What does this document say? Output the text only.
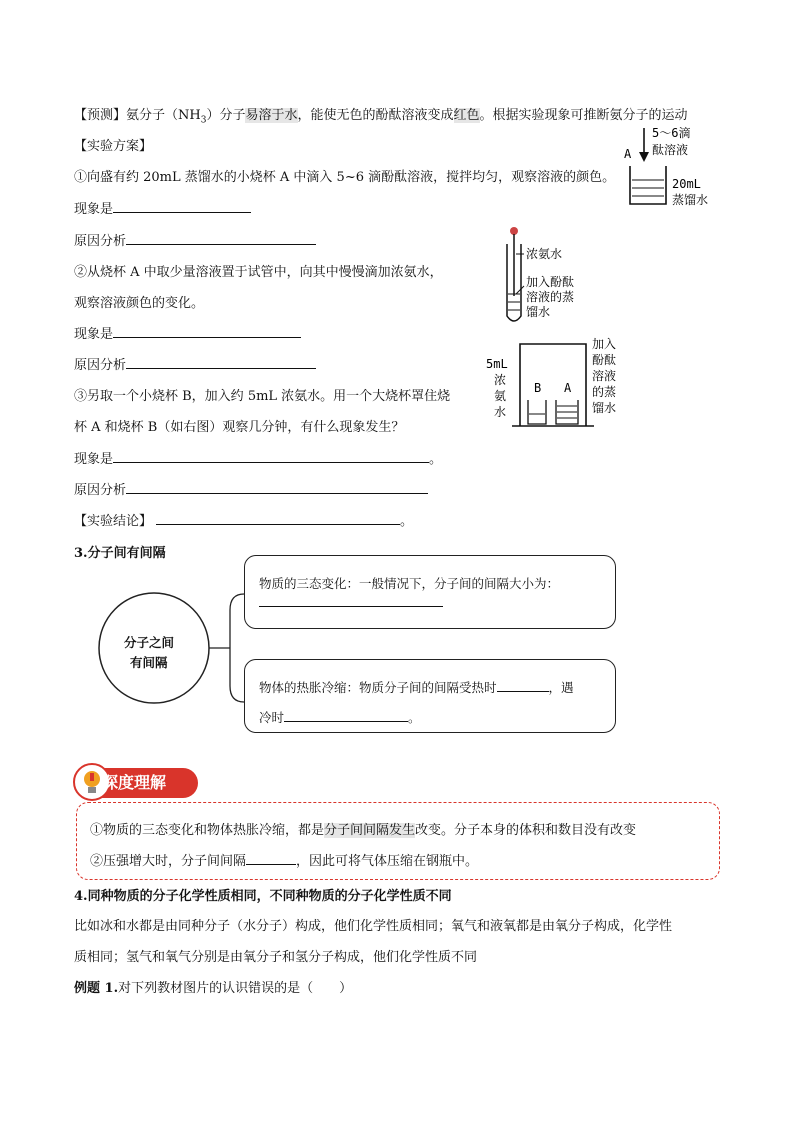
【预测】氨分子$(NH_3)$分子易溶于水，能使无色的酚酞溶液变成红色。根据实验现象可推断氨分子的运动
【实验方案】
①向盛有约 20mL 蒸馏水的小烧杯 A 中滴入 5~6 滴酚酞溶液，搅拌均匀，观察溶液的颜色。
现象是
原因分析
②从烧杯 A 中取少量溶液置于试管中，向其中慢慢滴加浓氨水，
观察溶液颜色的变化。
现象是
原因分析
③另取一个小烧杯 B，加入约 5mL 浓氨水。用一个大烧杯罩住烧
杯 A 和烧杯 B（如右图）观察几分钟，有什么现象发生？
现象是	。
原因分析
【实验结论】	。
A
5～6滴
酞溶液
20mL
蒸馏水
浓氨水
加入酚酞
溶液的蒸
馏水
B A
5mL
浓
氨
水
加入
酚酞
溶液
的蒸
馏水
3.分子间有间隔
分子之间
有间隔
物质的三态变化：一般情况下，分子间的间隔大小为：
物体的热胀冷缩：物质分子间的间隔受热时	，遇
冷时	。
深度理解
①物质的三态变化和物体热胀冷缩，都是分子间间隔发生改变。分子本身的体积和数目没有改变
②压强增大时，分子间间隔	，因此可将气体压缩在钢瓶中。
4.同种物质的分子化学性质相同，不同种物质的分子化学性质不同
比如冰和水都是由同种分子（水分子）构成，他们化学性质相同；氧气和液氧都是由氧分子构成，化学性
质相同；氢气和氧气分别是由氧分子和氢分子构成，他们化学性质不同
例题 1.对下列教材图片的认识错误的是（　　）
